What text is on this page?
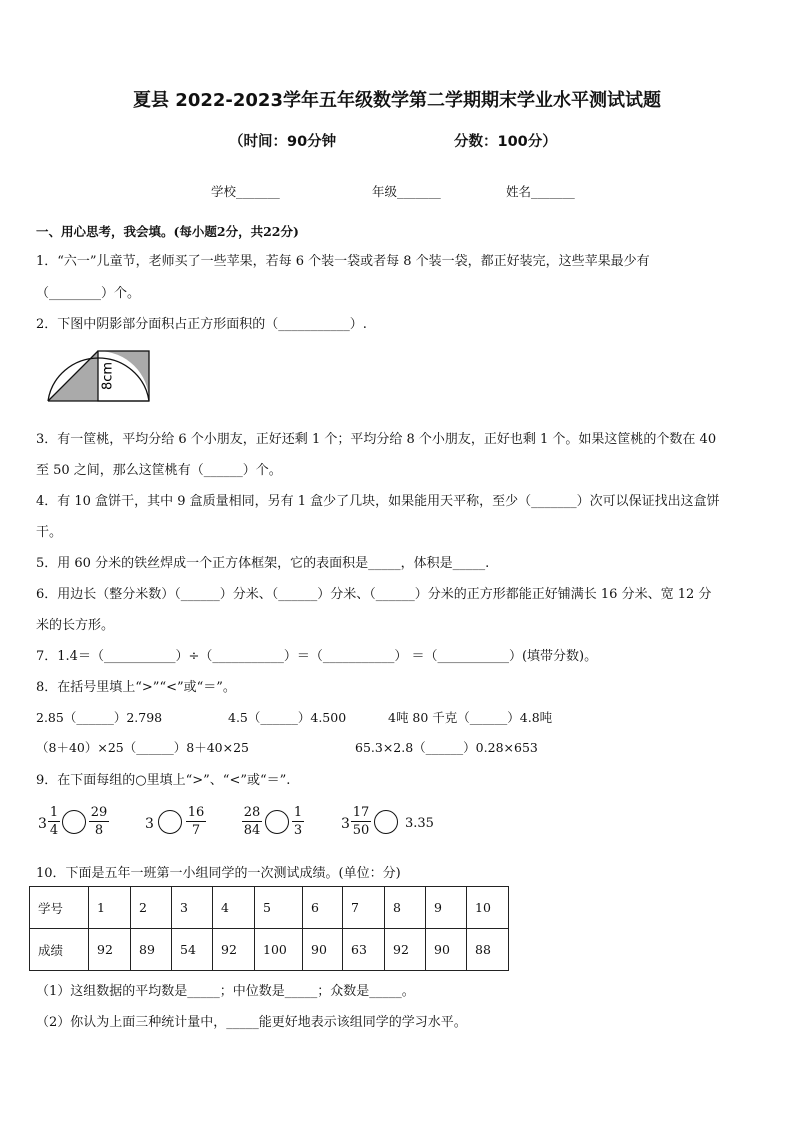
夏县 2022-2023学年五年级数学第二学期期末学业水平测试试题
（时间：90分钟	分数：100分）
学校_______	年级_______	姓名_______
一、用心思考，我会填。(每小题2分，共22分)
1．“六一”儿童节，老师买了一些苹果，若每 6 个装一袋或者每 8 个装一袋，都正好装完，这些苹果最少有
（________）个。
2．下图中阴影部分面积占正方形面积的（___________）.
8cm
3．有一筐桃，平均分给 6 个小朋友，正好还剩 1 个；平均分给 8 个小朋友，正好也剩 1 个。如果这筐桃的个数在 40
至 50 之间，那么这筐桃有（______）个。
4．有 10 盒饼干，其中 9 盒质量相同，另有 1 盒少了几块，如果能用天平称，至少（_______）次可以保证找出这盒饼
干。
5．用 60 分米的铁丝焊成一个正方体框架，它的表面积是_____，体积是_____.
6．用边长（整分米数）（______）分米、（______）分米、（______）分米的正方形都能正好铺满长 16 分米、宽 12 分
米的长方形。
7．1.4＝（___________）÷（___________）＝（___________） ＝（___________）(填带分数)。
8．在括号里填上“>”“<”或“＝”。
2.85（______）2.798	4.5（______）4.500	4吨 80 千克（______）4.8吨
（8＋40）×25（______）8＋40×25	65.3×2.8（______）0.28×653
9．在下面每组的○里填上“>”、“<”或“＝”.
3
1
4
29
8	3
16
7
28
84
1
3	3
17
50	3.35
10．下面是五年一班第一小组同学的一次测试成绩。(单位：分)
学号	1	2	3	4	5	6	7	8	9	10
成绩	92	89	54	92	100	90	63	92	90	88
（1）这组数据的平均数是_____；中位数是_____；众数是_____。
（2）你认为上面三种统计量中，_____能更好地表示该组同学的学习水平。
